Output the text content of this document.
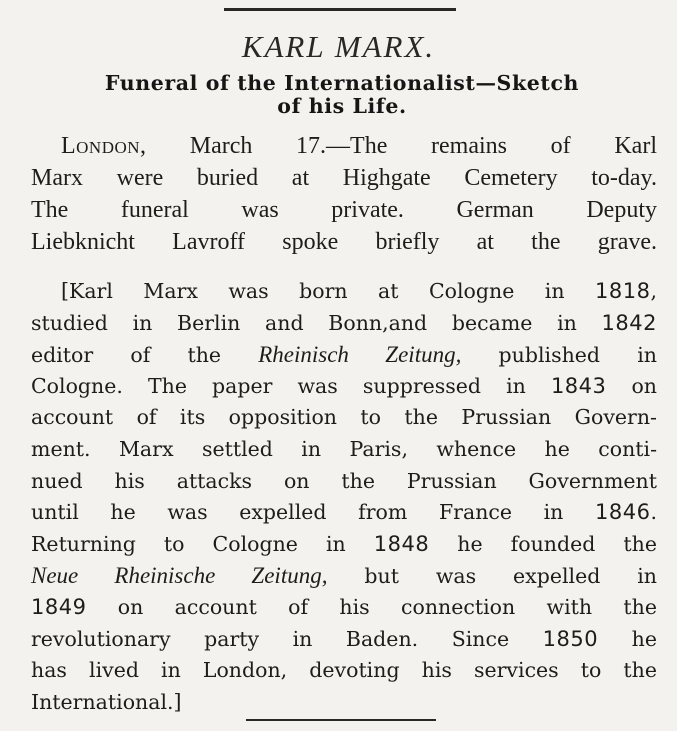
KARL MARX.
Funeral of the Internationalist—Sketch
of his Life.
London, March 17.—The remains of Karl
Marx were buried at Highgate Cemetery to-day.
The funeral was private. German Deputy
Liebknicht Lavroff spoke briefly at the grave.
[Karl Marx was born at Cologne in 1818,
studied in Berlin and Bonn,and became in 1842
editor of the Rheinisch Zeitung, published in
Cologne. The paper was suppressed in 1843 on
account of its opposition to the Prussian Govern-
ment. Marx settled in Paris, whence he conti-
nued his attacks on the Prussian Government
until he was expelled from France in 1846.
Returning to Cologne in 1848 he founded the
Neue Rheinische Zeitung, but was expelled in
1849 on account of his connection with the
revolutionary party in Baden. Since 1850 he
has lived in London, devoting his services to the
International.]
